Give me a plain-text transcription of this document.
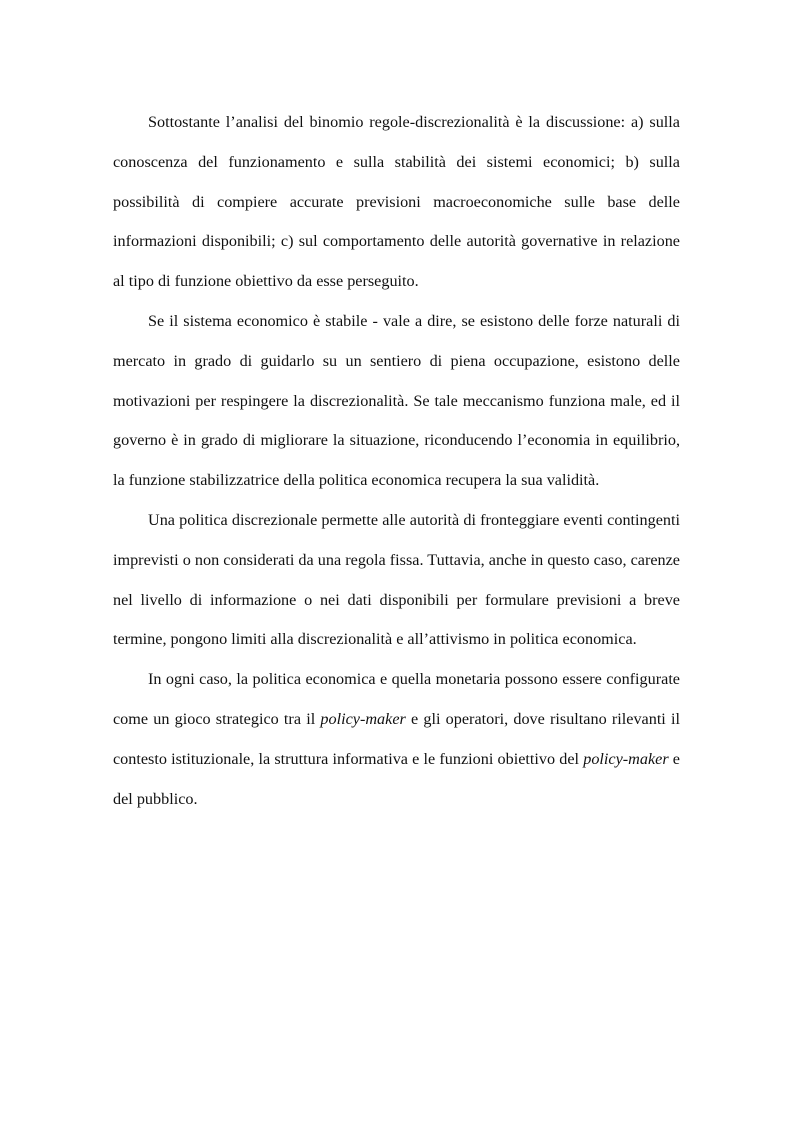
Sottostante l’analisi del binomio regole-discrezionalità è la discussione: a) sulla conoscenza del funzionamento e sulla stabilità dei sistemi economici; b) sulla possibilità di compiere accurate previsioni macroeconomiche sulle base delle informazioni disponibili; c) sul comportamento delle autorità governative in relazione al tipo di funzione obiettivo da esse perseguito.

Se il sistema economico è stabile - vale a dire, se esistono delle forze naturali di mercato in grado di guidarlo su un sentiero di piena occupazione, esistono delle motivazioni per respingere la discrezionalità. Se tale meccanismo funziona male, ed il governo è in grado di migliorare la situazione, riconducendo l’economia in equilibrio, la funzione stabilizzatrice della politica economica recupera la sua validità.

Una politica discrezionale permette alle autorità di fronteggiare eventi contingenti imprevisti o non considerati da una regola fissa. Tuttavia, anche in questo caso, carenze nel livello di informazione o nei dati disponibili per formulare previsioni a breve termine, pongono limiti alla discrezionalità e all’attivismo in politica economica.

In ogni caso, la politica economica e quella monetaria possono essere configurate come un gioco strategico tra il policy-maker e gli operatori, dove risultano rilevanti il contesto istituzionale, la struttura informativa e le funzioni obiettivo del policy-maker e del pubblico.
